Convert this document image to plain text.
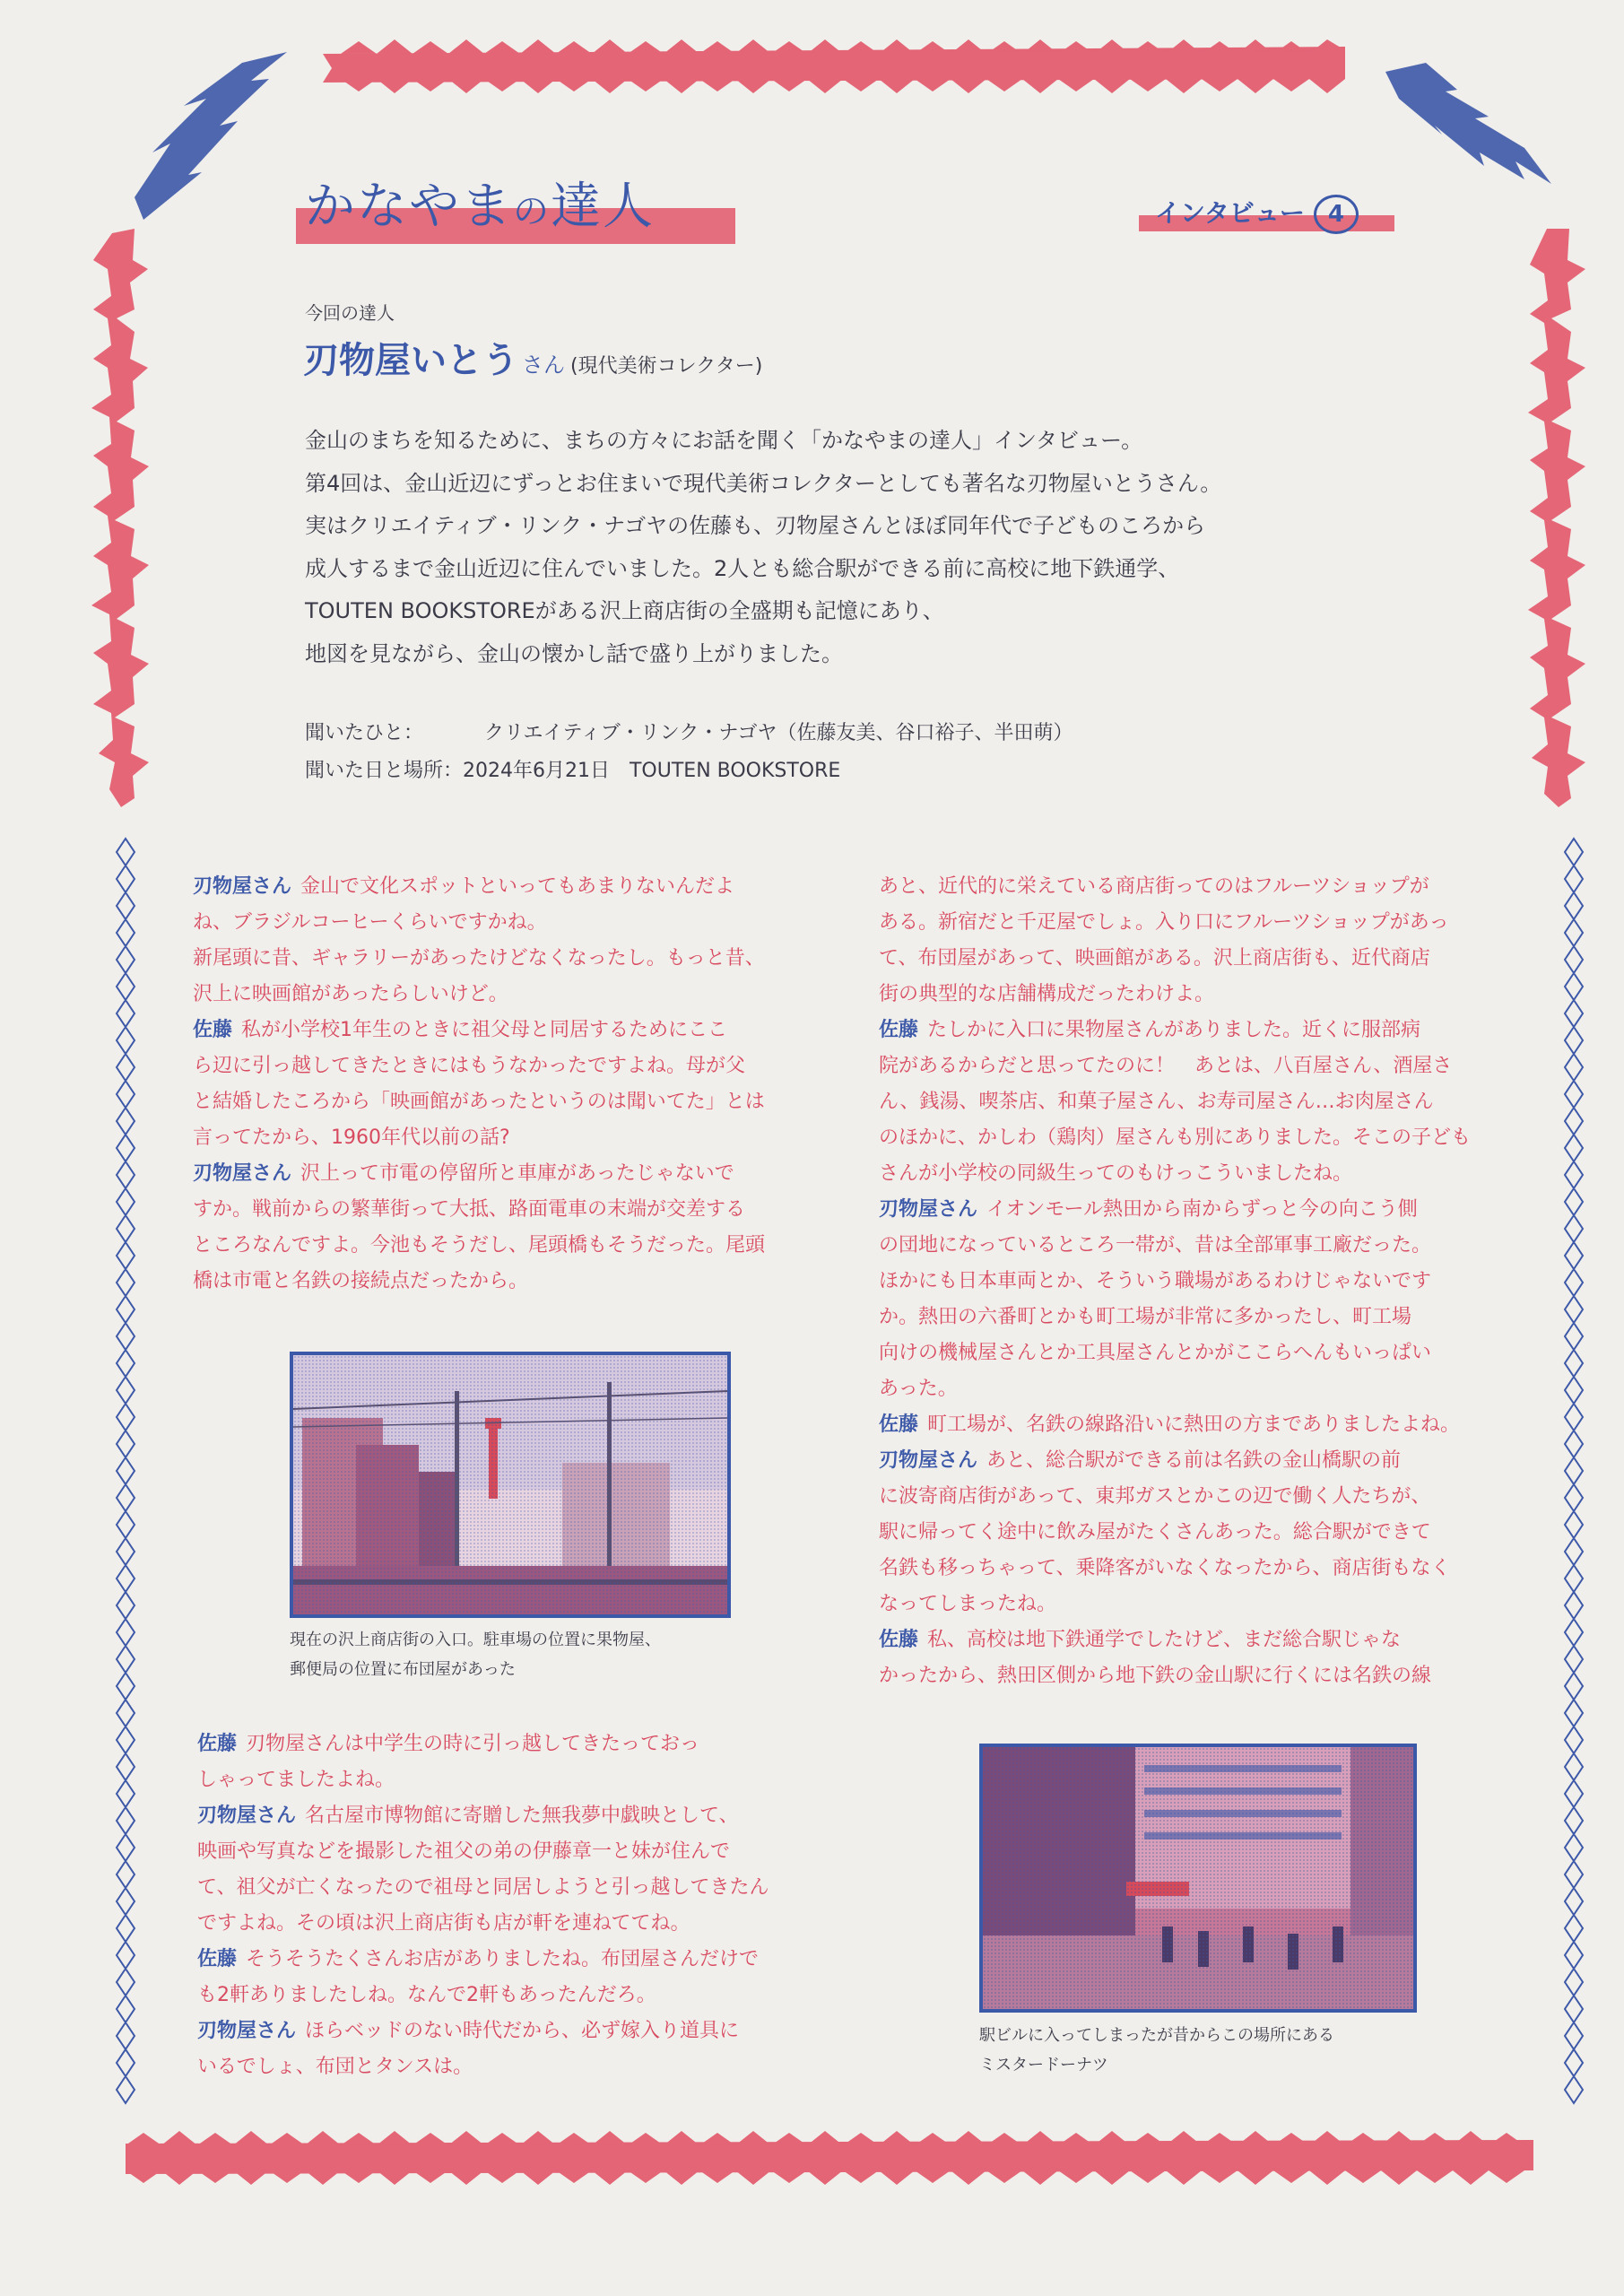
かなやまの達人	インタビュー 4
今回の達人
刃物屋いとう さん (現代美術コレクター)

金山のまちを知るために、まちの方々にお話を聞く「かなやまの達人」インタビュー。

第4回は、金山近辺にずっとお住まいで現代美術コレクターとしても著名な刃物屋いとうさん。

実はクリエイティブ・リンク・ナゴヤの佐藤も、刃物屋さんとほぼ同年代で子どものころから

成人するまで金山近辺に住んでいました。2人とも総合駅ができる前に高校に地下鉄通学、

TOUTEN BOOKSTOREがある沢上商店街の全盛期も記憶にあり、

地図を見ながら、金山の懐かし話で盛り上がりました。

聞いたひと：	クリエイティブ・リンク・ナゴヤ（佐藤友美、谷口裕子、半田萌）
聞いた日と場所：2024年6月21日　TOUTEN BOOKSTORE

刃物屋さん 金山で文化スポットといってもあまりないんだよ

ね、ブラジルコーヒーくらいですかね。

新尾頭に昔、ギャラリーがあったけどなくなったし。もっと昔、

沢上に映画館があったらしいけど。

佐藤 私が小学校1年生のときに祖父母と同居するためにここ

ら辺に引っ越してきたときにはもうなかったですよね。母が父

と結婚したころから「映画館があったというのは聞いてた」とは

言ってたから、1960年代以前の話?

刃物屋さん 沢上って市電の停留所と車庫があったじゃないで

すか。戦前からの繁華街って大抵、路面電車の末端が交差する

ところなんですよ。今池もそうだし、尾頭橋もそうだった。尾頭

橋は市電と名鉄の接続点だったから。

現在の沢上商店街の入口。駐車場の位置に果物屋、
郵便局の位置に布団屋があった

佐藤 刃物屋さんは中学生の時に引っ越してきたっておっ

しゃってましたよね。

刃物屋さん 名古屋市博物館に寄贈した無我夢中戯映として、

映画や写真などを撮影した祖父の弟の伊藤章一と妹が住んで

て、祖父が亡くなったので祖母と同居しようと引っ越してきたん

ですよね。その頃は沢上商店街も店が軒を連ねててね。

佐藤 そうそうたくさんお店がありましたね。布団屋さんだけで

も2軒ありましたしね。なんで2軒もあったんだろ。

刃物屋さん ほらベッドのない時代だから、必ず嫁入り道具に

いるでしょ、布団とタンスは。

あと、近代的に栄えている商店街ってのはフルーツショップが

ある。新宿だと千疋屋でしょ。入り口にフルーツショップがあっ

て、布団屋があって、映画館がある。沢上商店街も、近代商店

街の典型的な店舗構成だったわけよ。

佐藤 たしかに入口に果物屋さんがありました。近くに服部病

院があるからだと思ってたのに！　あとは、八百屋さん、酒屋さ

ん、銭湯、喫茶店、和菓子屋さん、お寿司屋さん…お肉屋さん

のほかに、かしわ（鶏肉）屋さんも別にありました。そこの子ども

さんが小学校の同級生ってのもけっこういましたね。

刃物屋さん イオンモール熱田から南からずっと今の向こう側

の団地になっているところ一帯が、昔は全部軍事工廠だった。

ほかにも日本車両とか、そういう職場があるわけじゃないです

か。熱田の六番町とかも町工場が非常に多かったし、町工場

向けの機械屋さんとか工具屋さんとかがここらへんもいっぱい

あった。

佐藤 町工場が、名鉄の線路沿いに熱田の方までありましたよね。

刃物屋さん あと、総合駅ができる前は名鉄の金山橋駅の前

に波寄商店街があって、東邦ガスとかこの辺で働く人たちが、

駅に帰ってく途中に飲み屋がたくさんあった。総合駅ができて

名鉄も移っちゃって、乗降客がいなくなったから、商店街もなく

なってしまったね。

佐藤 私、高校は地下鉄通学でしたけど、まだ総合駅じゃな

かったから、熱田区側から地下鉄の金山駅に行くには名鉄の線

駅ビルに入ってしまったが昔からこの場所にある
ミスタードーナツ
